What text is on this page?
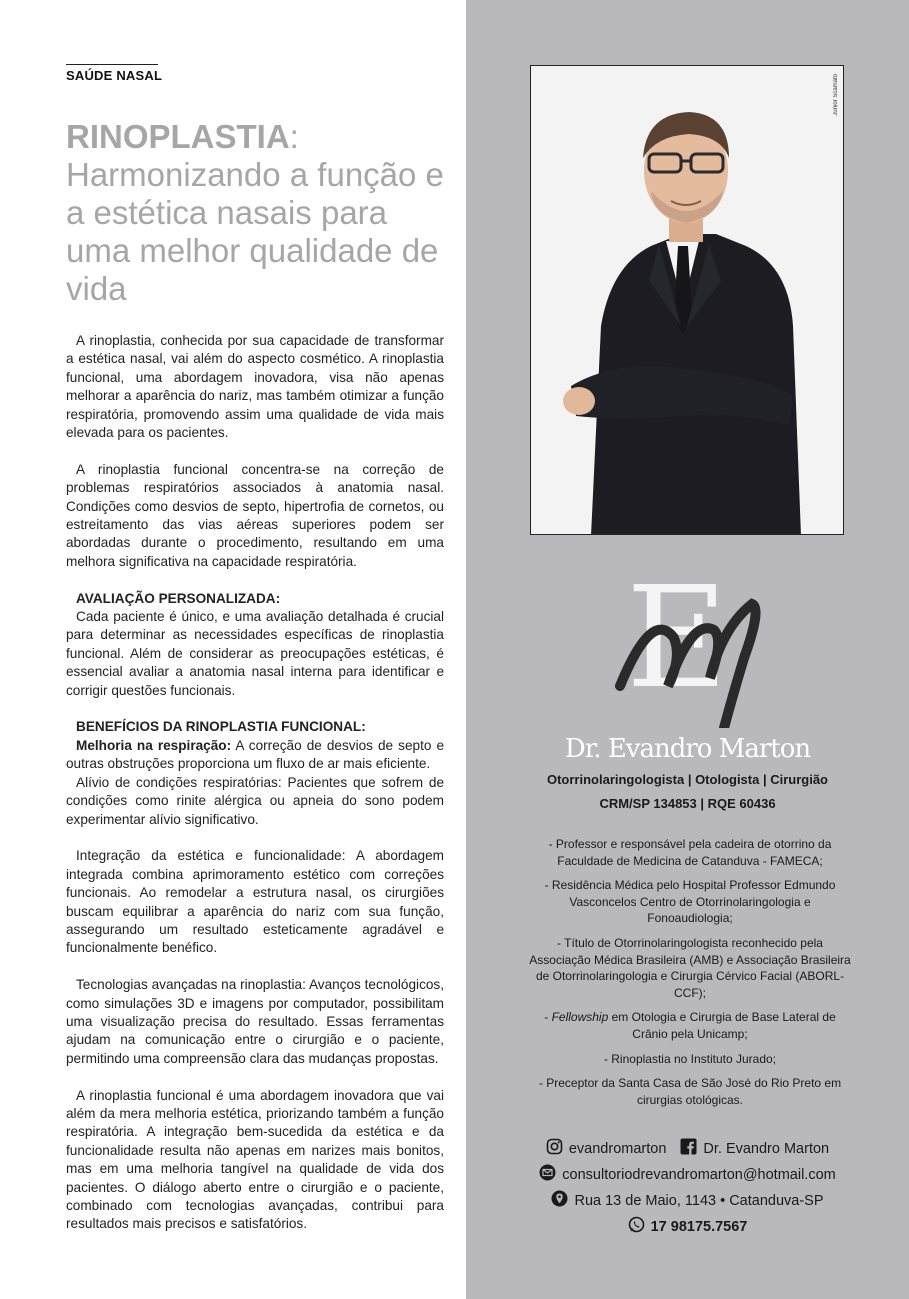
SAÚDE NASAL
RINOPLASTIA:
Harmonizando a função e a estética nasais para uma melhor qualidade de vida

A rinoplastia, conhecida por sua capacidade de transformar a estética nasal, vai além do aspecto cosmético. A rinoplastia funcional, uma abordagem inovadora, visa não apenas melhorar a aparência do nariz, mas também otimizar a função respiratória, promovendo assim uma qualidade de vida mais elevada para os pacientes.

A rinoplastia funcional concentra-se na correção de problemas respiratórios associados à anatomia nasal. Condições como desvios de septo, hipertrofia de cornetos, ou estreitamento das vias aéreas superiores podem ser abordadas durante o procedimento, resultando em uma melhora significativa na capacidade respiratória.

AVALIAÇÃO PERSONALIZADA:

Cada paciente é único, e uma avaliação detalhada é crucial para determinar as necessidades específicas de rinoplastia funcional. Além de considerar as preocupações estéticas, é essencial avaliar a anatomia nasal interna para identificar e corrigir questões funcionais.

BENEFÍCIOS DA RINOPLASTIA FUNCIONAL:

Melhoria na respiração: A correção de desvios de septo e outras obstruções proporciona um fluxo de ar mais eficiente.

Alívio de condições respiratórias: Pacientes que sofrem de condições como rinite alérgica ou apneia do sono podem experimentar alívio significativo.

Integração da estética e funcionalidade: A abordagem integrada combina aprimoramento estético com correções funcionais. Ao remodelar a estrutura nasal, os cirurgiões buscam equilibrar a aparência do nariz com sua função, assegurando um resultado esteticamente agradável e funcionalmente benéfico.

Tecnologias avançadas na rinoplastia: Avanços tecnológicos, como simulações 3D e imagens por computador, possibilitam uma visualização precisa do resultado. Essas ferramentas ajudam na comunicação entre o cirurgião e o paciente, permitindo uma compreensão clara das mudanças propostas.

A rinoplastia funcional é uma abordagem inovadora que vai além da mera melhoria estética, priorizando também a função respiratória. A integração bem-sucedida da estética e da funcionalidade resulta não apenas em narizes mais bonitos, mas em uma melhoria tangível na qualidade de vida dos pacientes. O diálogo aberto entre o cirurgião e o paciente, combinado com tecnologias avançadas, contribui para resultados mais precisos e satisfatórios.

Júnior Scamato
E
Dr. Evandro Marton
Otorrinolaringologista | Otologista | Cirurgião
CRM/SP 134853 | RQE 60436
- Professor e responsável pela cadeira de otorrino da Faculdade de Medicina de Catanduva - FAMECA;
- Residência Médica pelo Hospital Professor Edmundo Vasconcelos Centro de Otorrinolaringologia e Fonoaudiologia;
- Título de Otorrinolaringologista reconhecido pela Associação Médica Brasileira (AMB) e Associação Brasileira de Otorrinolaringologia e Cirurgia Cérvico Facial (ABORL- CCF);
- Fellowship em Otologia e Cirurgia de Base Lateral de Crânio pela Unicamp;
- Rinoplastia no Instituto Jurado;
- Preceptor da Santa Casa de São José do Rio Preto em cirurgias otológicas.
evandromarton	Dr. Evandro Marton
consultoriodrevandromarton@hotmail.com
Rua 13 de Maio, 1143 • Catanduva-SP
17 98175.7567
